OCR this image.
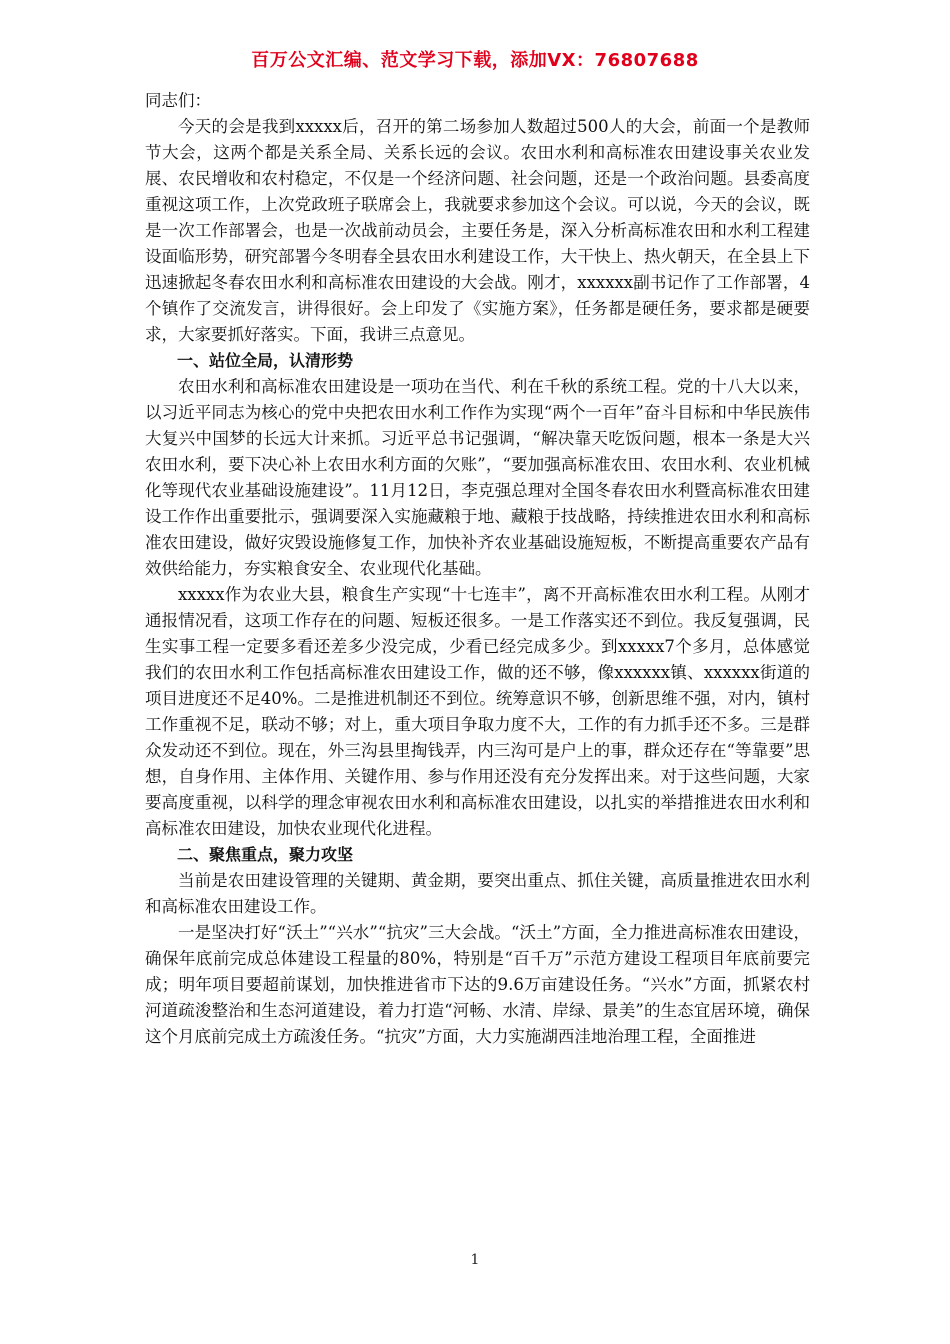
百万公文汇编、范文学习下载，添加VX：76807688

同志们：

今天的会是我到xxxxx后，召开的第二场参加人数超过500人的大会，前面一个是教师节大会，这两个都是关系全局、关系长远的会议。农田水利和高标准农田建设事关农业发展、农民增收和农村稳定，不仅是一个经济问题、社会问题，还是一个政治问题。县委高度重视这项工作，上次党政班子联席会上，我就要求参加这个会议。可以说，今天的会议，既是一次工作部署会，也是一次战前动员会，主要任务是，深入分析高标准农田和水利工程建设面临形势，研究部署今冬明春全县农田水利建设工作，大干快上、热火朝天，在全县上下迅速掀起冬春农田水利和高标准农田建设的大会战。刚才，xxxxxx副书记作了工作部署，4个镇作了交流发言，讲得很好。会上印发了《实施方案》，任务都是硬任务，要求都是硬要求，大家要抓好落实。下面，我讲三点意见。

一、站位全局，认清形势

农田水利和高标准农田建设是一项功在当代、利在千秋的系统工程。党的十八大以来，以习近平同志为核心的党中央把农田水利工作作为实现“两个一百年”奋斗目标和中华民族伟大复兴中国梦的长远大计来抓。习近平总书记强调，“解决靠天吃饭问题，根本一条是大兴农田水利，要下决心补上农田水利方面的欠账”，“要加强高标准农田、农田水利、农业机械化等现代农业基础设施建设”。11月12日，李克强总理对全国冬春农田水利暨高标准农田建设工作作出重要批示，强调要深入实施藏粮于地、藏粮于技战略，持续推进农田水利和高标准农田建设，做好灾毁设施修复工作，加快补齐农业基础设施短板，不断提高重要农产品有效供给能力，夯实粮食安全、农业现代化基础。

xxxxx作为农业大县，粮食生产实现“十七连丰”，离不开高标准农田水利工程。从刚才通报情况看，这项工作存在的问题、短板还很多。一是工作落实还不到位。我反复强调，民生实事工程一定要多看还差多少没完成，少看已经完成多少。到xxxxx7个多月，总体感觉我们的农田水利工作包括高标准农田建设工作，做的还不够，像xxxxxx镇、xxxxxx街道的项目进度还不足40%。二是推进机制还不到位。统筹意识不够，创新思维不强，对内，镇村工作重视不足，联动不够；对上，重大项目争取力度不大，工作的有力抓手还不多。三是群众发动还不到位。现在，外三沟县里掏钱弄，内三沟可是户上的事，群众还存在“等靠要”思想，自身作用、主体作用、关键作用、参与作用还没有充分发挥出来。对于这些问题，大家要高度重视，以科学的理念审视农田水利和高标准农田建设，以扎实的举措推进农田水利和高标准农田建设，加快农业现代化进程。

二、聚焦重点，聚力攻坚

当前是农田建设管理的关键期、黄金期，要突出重点、抓住关键，高质量推进农田水利和高标准农田建设工作。

一是坚决打好“沃土”“兴水”“抗灾”三大会战。“沃土”方面，全力推进高标准农田建设，确保年底前完成总体建设工程量的80%，特别是“百千万”示范方建设工程项目年底前要完成；明年项目要超前谋划，加快推进省市下达的9.6万亩建设任务。“兴水”方面，抓紧农村河道疏浚整治和生态河道建设，着力打造“河畅、水清、岸绿、景美”的生态宜居环境，确保这个月底前完成土方疏浚任务。“抗灾”方面，大力实施湖西洼地治理工程，全面推进

1
